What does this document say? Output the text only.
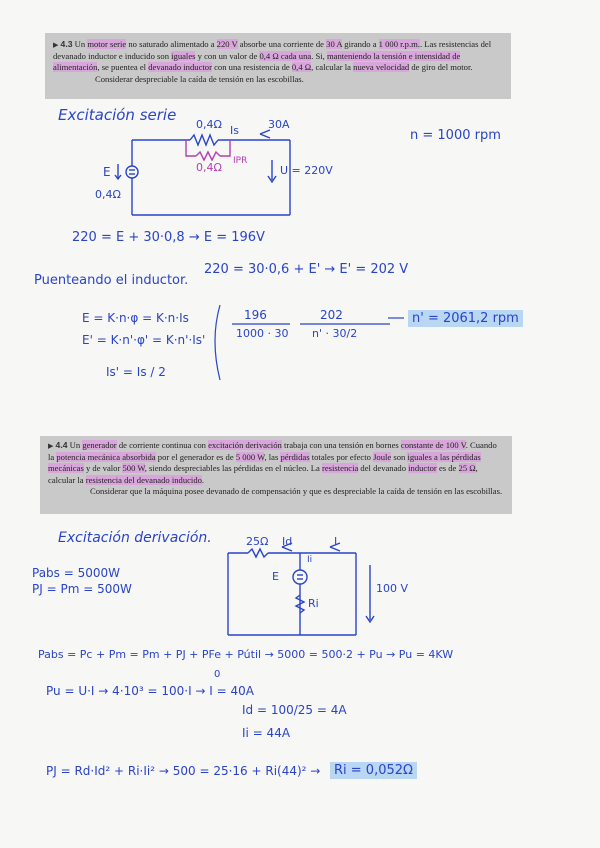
▶ 4.3 Un motor serie no saturado alimentado a 220 V absorbe una corriente de 30 A girando a 1 000 r.p.m.. Las resistencias del devanado inductor e inducido son iguales y con un valor de 0,4 Ω cada una. Si, manteniendo la tensión e intensidad de alimentación, se puentea el devanado inductor con una resistencia de 0,4 Ω, calcular la nueva velocidad de giro del motor.

Considerar despreciable la caída de tensión en las escobillas.

Excitación serie
0,4Ω Is	30A
n = 1000 rpm
0,4Ω IPR
E
0,4Ω
U = 220V
220 = E + 30·0,8 → E = 196V
Puenteando el inductor.
220 = 30·0,6 + E' → E' = 202 V
E = K·n·φ = K·n·Is
E' = K·n'·φ' = K·n'·Is'
Is' = Is / 2
196
1000 · 30
202
n' · 30/2
n' = 2061,2 rpm

▶ 4.4 Un generador de corriente continua con excitación derivación trabaja con una tensión en bornes constante de 100 V. Cuando la potencia mecánica absorbida por el generador es de 5 000 W, las pérdidas totales por efecto Joule son iguales a las pérdidas mecánicas y de valor 500 W, siendo despreciables las pérdidas en el núcleo. La resistencia del devanado inductor es de 25 Ω, calcular la resistencia del devanado inducido.

Considerar que la máquina posee devanado de compensación y que es despreciable la caída de tensión en las escobillas.

Excitación derivación.	25Ω Id	I
Ii
E
Ri
100 V
Pabs = 5000W
PJ = Pm = 500W
Pabs = Pc + Pm = Pm + PJ + PFe + Pútil → 5000 = 500·2 + Pu → Pu = 4KW
0
Pu = U·I → 4·10³ = 100·I → I = 40A
Id = 100/25 = 4A
Ii = 44A
PJ = Rd·Id² + Ri·Ii² → 500 = 25·16 + Ri(44)² →	Ri = 0,052Ω
